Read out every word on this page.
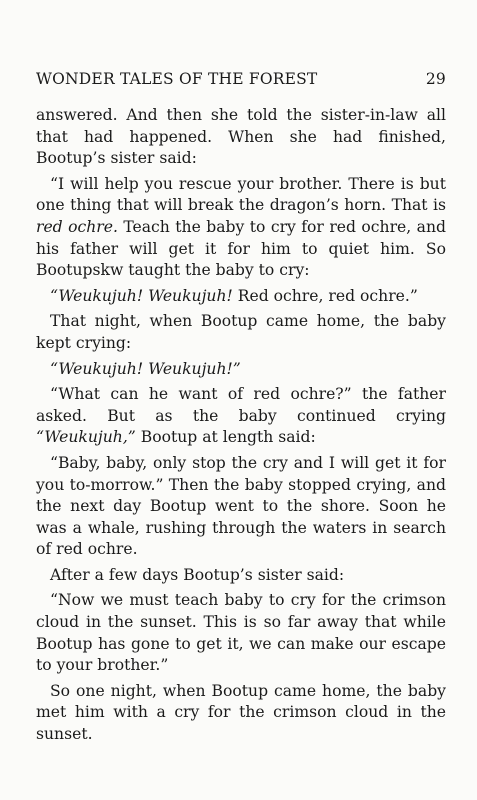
WONDER TALES OF THE FOREST	29

answered. And then she told the sister-in-law all that had happened. When she had finished, Bootup’s sister said:

“I will help you rescue your brother. There is but one thing that will break the dragon’s horn. That is red ochre. Teach the baby to cry for red ochre, and his father will get it for him to quiet him. So Bootupskw taught the baby to cry:

“Weukujuh! Weukujuh! Red ochre, red ochre.”

That night, when Bootup came home, the baby kept crying:

“Weukujuh! Weukujuh!”

“What can he want of red ochre?” the father asked. But as the baby continued crying “Weukujuh,” Bootup at length said:

“Baby, baby, only stop the cry and I will get it for you to-morrow.” Then the baby stopped crying, and the next day Bootup went to the shore. Soon he was a whale, rushing through the waters in search of red ochre.

After a few days Bootup’s sister said:

“Now we must teach baby to cry for the crimson cloud in the sunset. This is so far away that while Bootup has gone to get it, we can make our escape to your brother.”

So one night, when Bootup came home, the baby met him with a cry for the crimson cloud in the sunset.
